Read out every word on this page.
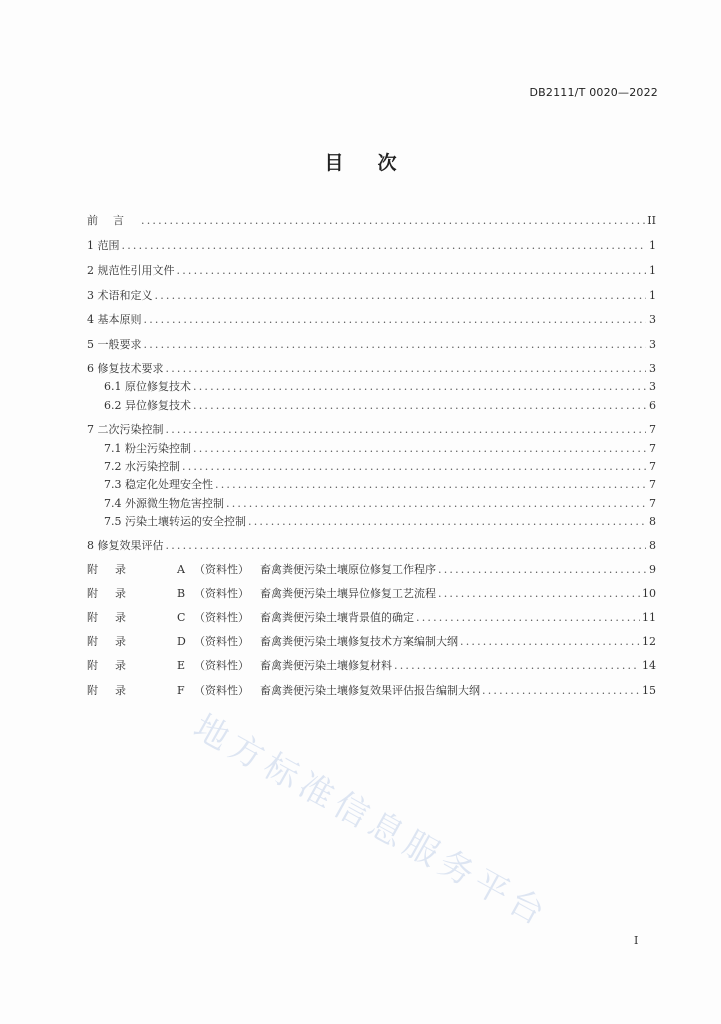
DB2111/T 0020—2022
目次
前言 .....	II
1 范围 .....	1
2 规范性引用文件 .....	1
3 术语和定义 .....	1
4 基本原则 .....	3
5 一般要求 .....	3
6 修复技术要求 .....	3
6.1 原位修复技术 .....	3
6.2 异位修复技术 .....	6
7 二次污染控制 .....	7
7.1 粉尘污染控制 .....	7
7.2 水污染控制 .....	7
7.3 稳定化处理安全性 .....	7
7.4 外源微生物危害控制 .....	7
7.5 污染土壤转运的安全控制 .....	8
8 修复效果评估 .....	8
附	录	A （资料性）	畜禽粪便污染土壤原位修复工作程序 .....	9
附	录	B （资料性）	畜禽粪便污染土壤异位修复工艺流程 .....	10
附	录	C （资料性）	畜禽粪便污染土壤背景值的确定 .....	11
附	录	D （资料性）	畜禽粪便污染土壤修复技术方案编制大纲 .....	12
附	录	E （资料性）	畜禽粪便污染土壤修复材料 .....	14
附	录	F （资料性）	畜禽粪便污染土壤修复效果评估报告编制大纲 .....	15
地方标准信息服务平台
I
